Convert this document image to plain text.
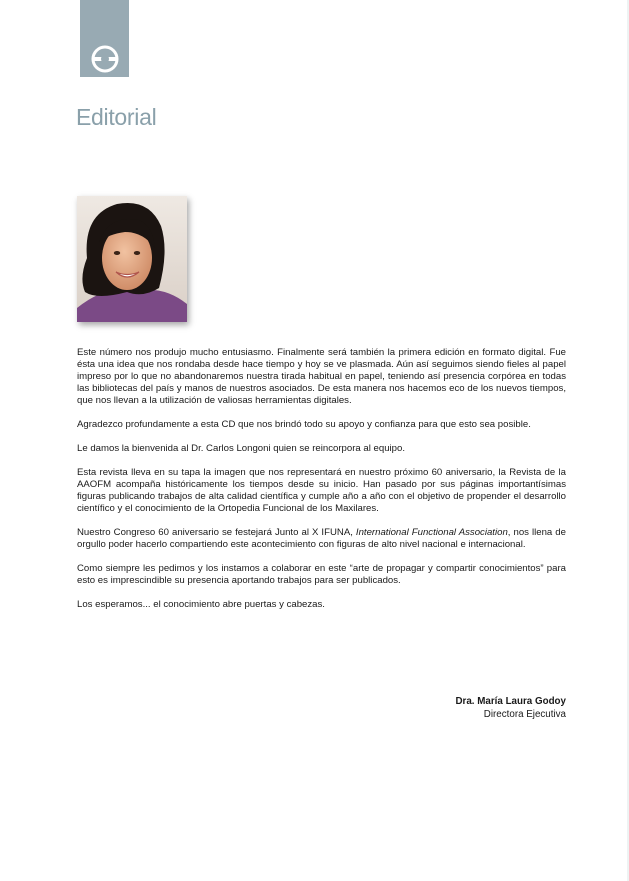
Editorial

Este número nos produjo mucho entusiasmo. Finalmente será también la primera edición en formato digital. Fue ésta una idea que nos rondaba desde hace tiempo y hoy se ve plasmada. Aún así seguimos siendo fieles al papel impreso por lo que no abandonaremos nuestra tirada habitual en papel, teniendo así presencia corpórea en todas las bibliotecas del país y manos de nuestros asociados. De esta manera nos hacemos eco de los nuevos tiempos, que nos llevan a la utilización de valiosas herramientas digitales.

Agradezco profundamente a esta CD que nos brindó todo su apoyo y confianza para que esto sea posible.

Le damos la bienvenida al Dr. Carlos Longoni quien se reincorpora al equipo.

Esta revista lleva en su tapa la imagen que nos representará en nuestro próximo 60 aniversario, la Revista de la AAOFM acompaña históricamente los tiempos desde su inicio. Han pasado por sus páginas importantísimas figuras publicando trabajos de alta calidad científica y cumple año a año con el objetivo de propender el desarrollo científico y el conocimiento de la Ortopedia Funcional de los Maxilares.

Nuestro Congreso 60 aniversario se festejará Junto al X IFUNA, International Functional Association, nos llena de orgullo poder hacerlo compartiendo este acontecimiento con figuras de alto nivel nacional e internacional.

Como siempre les pedimos y los instamos a colaborar en este “arte de propagar y compartir conocimientos” para esto es imprescindible su presencia aportando trabajos para ser publicados.

Los esperamos... el conocimiento abre puertas y cabezas.

Dra. María Laura Godoy
Directora Ejecutiva
